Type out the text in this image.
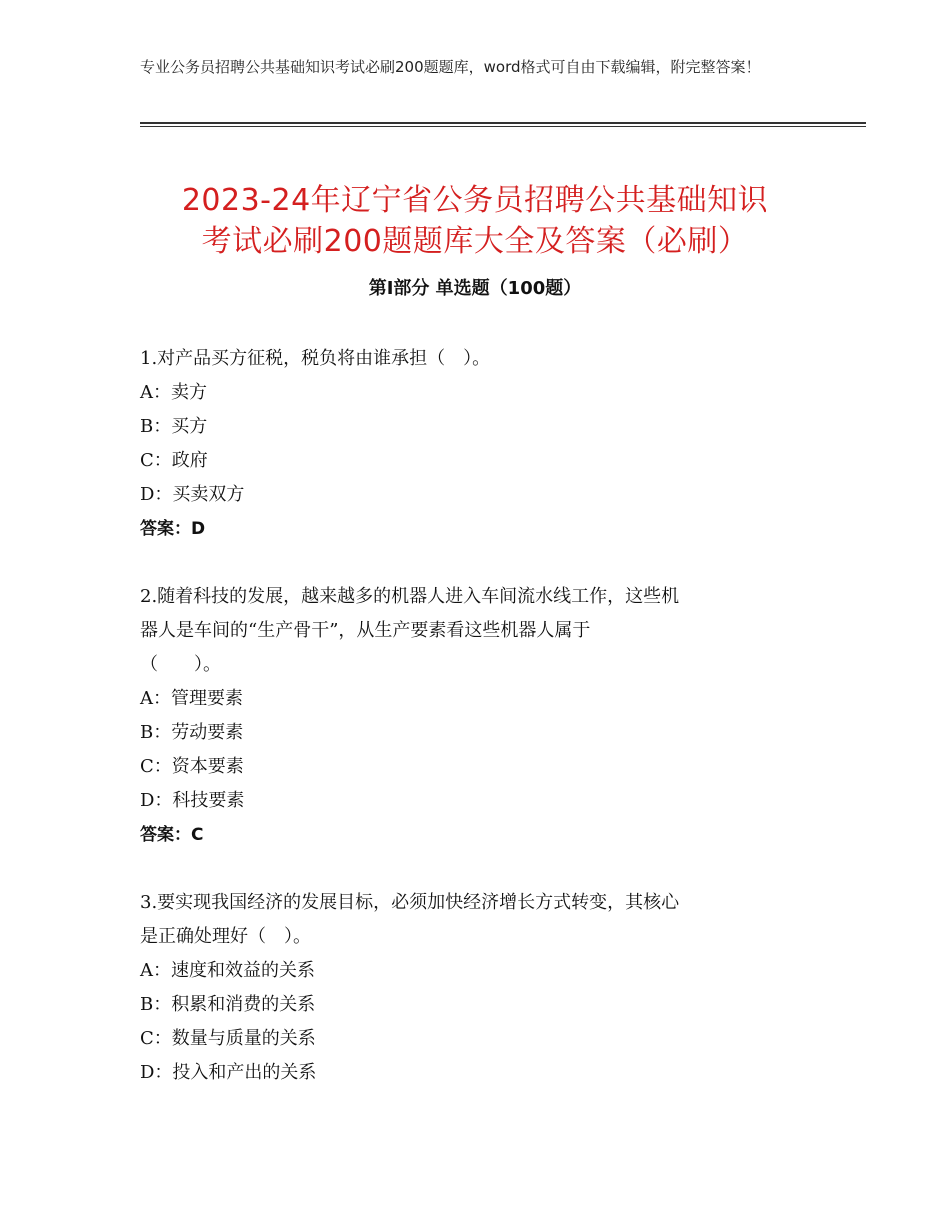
专业公务员招聘公共基础知识考试必刷200题题库，word格式可自由下载编辑，附完整答案！
2023-24年辽宁省公务员招聘公共基础知识
考试必刷200题题库大全及答案（必刷）
第Ⅰ部分 单选题（100题）

1.对产品买方征税，税负将由谁承担（　）。

A：卖方

B：买方

C：政府

D：买卖双方

答案：D

2.随着科技的发展，越来越多的机器人进入车间流水线工作，这些机

器人是车间的“生产骨干”，从生产要素看这些机器人属于

（　　）。

A：管理要素

B：劳动要素

C：资本要素

D：科技要素

答案：C

3.要实现我国经济的发展目标，必须加快经济增长方式转变，其核心

是正确处理好（　）。

A：速度和效益的关系

B：积累和消费的关系

C：数量与质量的关系

D：投入和产出的关系
